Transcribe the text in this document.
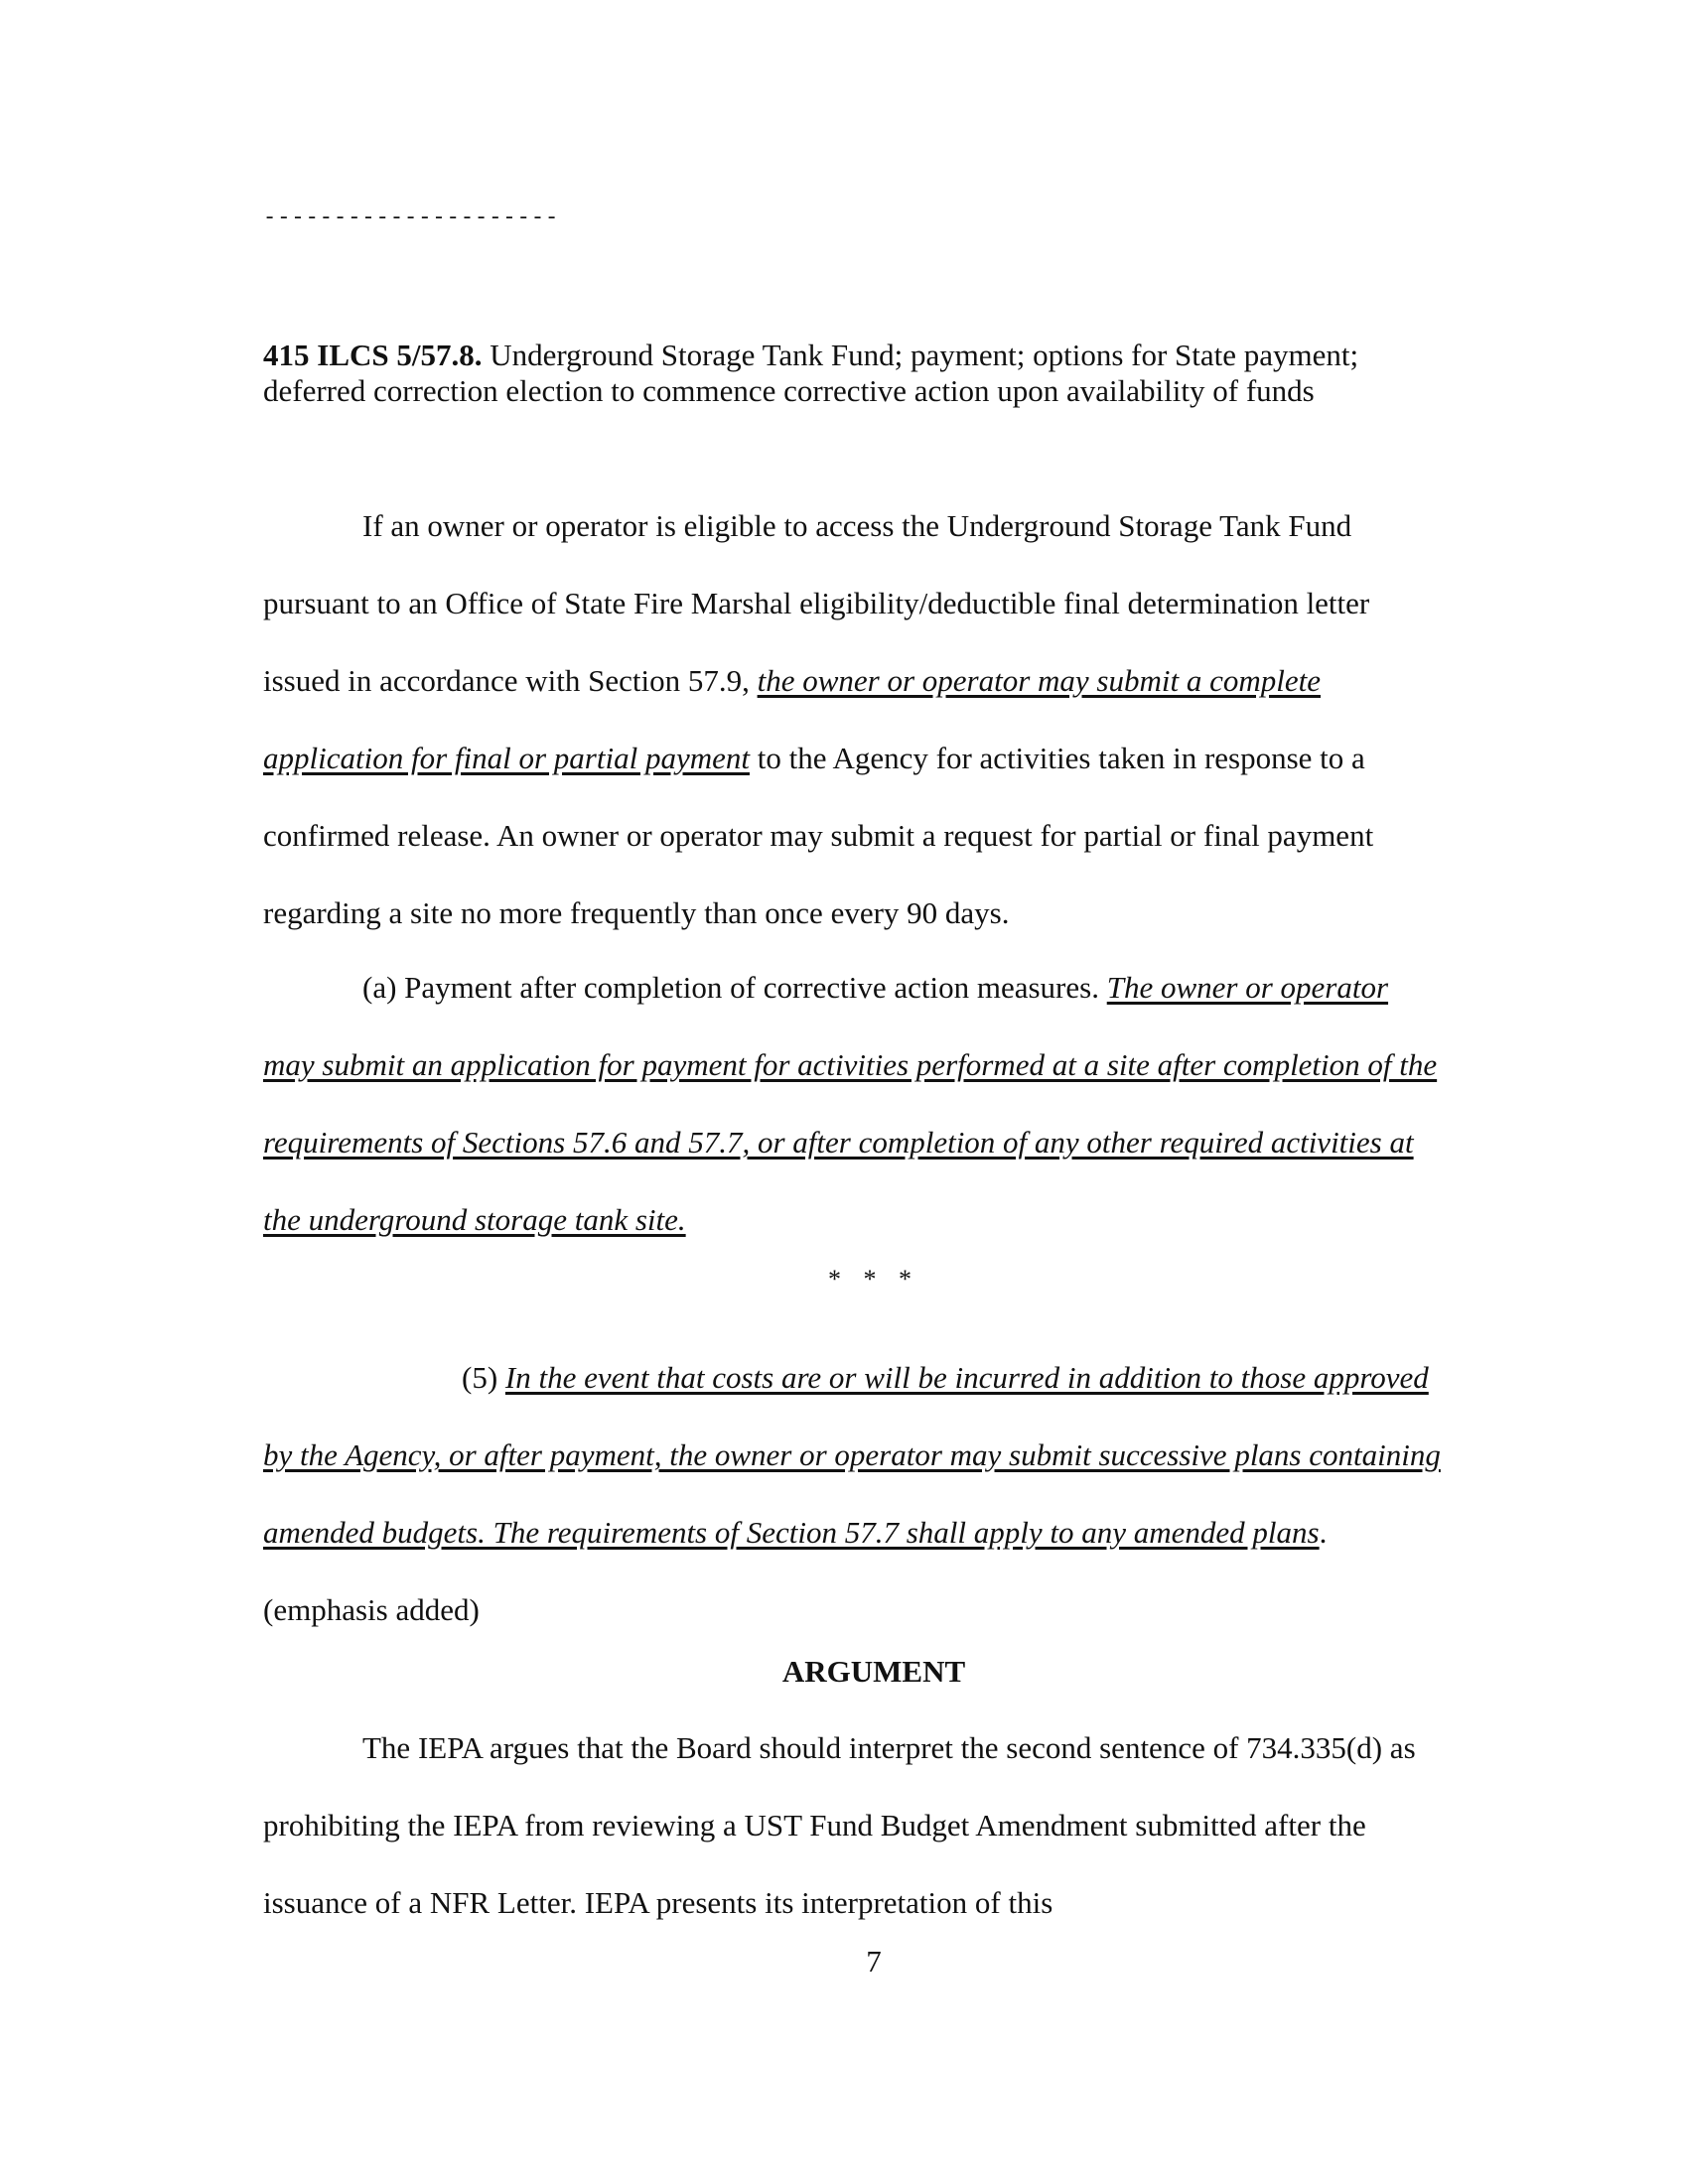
---------------------
415 ILCS 5/57.8. Underground Storage Tank Fund; payment; options for State payment; deferred correction election to commence corrective action upon availability of funds

If an owner or operator is eligible to access the Underground Storage Tank Fund pursuant to an Office of State Fire Marshal eligibility/deductible final determination letter issued in accordance with Section 57.9, the owner or operator may submit a complete application for final or partial payment to the Agency for activities taken in response to a confirmed release. An owner or operator may submit a request for partial or final payment regarding a site no more frequently than once every 90 days.

(a) Payment after completion of corrective action measures. The owner or operator may submit an application for payment for activities performed at a site after completion of the requirements of Sections 57.6 and 57.7, or after completion of any other required activities at the underground storage tank site.

* * *

(5) In the event that costs are or will be incurred in addition to those approved by the Agency, or after payment, the owner or operator may submit successive plans containing amended budgets. The requirements of Section 57.7 shall apply to any amended plans. (emphasis added)

ARGUMENT

The IEPA argues that the Board should interpret the second sentence of 734.335(d) as prohibiting the IEPA from reviewing a UST Fund Budget Amendment submitted after the issuance of a NFR Letter. IEPA presents its interpretation of this

7
